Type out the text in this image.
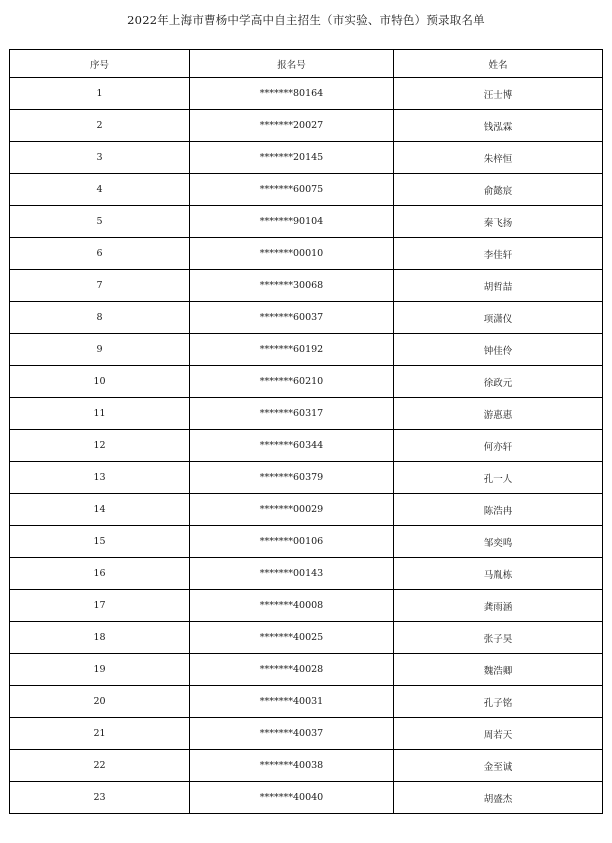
2022年上海市曹杨中学高中自主招生（市实验、市特色）预录取名单
序号	报名号	姓名
1	*******80164	汪士博
2	*******20027	钱泓霖
3	*******20145	朱梓恒
4	*******60075	俞懿宸
5	*******90104	秦飞扬
6	*******00010	李佳轩
7	*******30068	胡哲喆
8	*******60037	项潇仪
9	*******60192	钟佳伶
10	*******60210	徐政元
11	*******60317	游惠惠
12	*******60344	何亦轩
13	*******60379	孔一人
14	*******00029	陈浩冉
15	*******00106	邹奕鸣
16	*******00143	马胤栋
17	*******40008	龚雨涵
18	*******40025	张子昊
19	*******40028	魏浩卿
20	*******40031	孔子铭
21	*******40037	周若天
22	*******40038	金至诚
23	*******40040	胡盛杰
